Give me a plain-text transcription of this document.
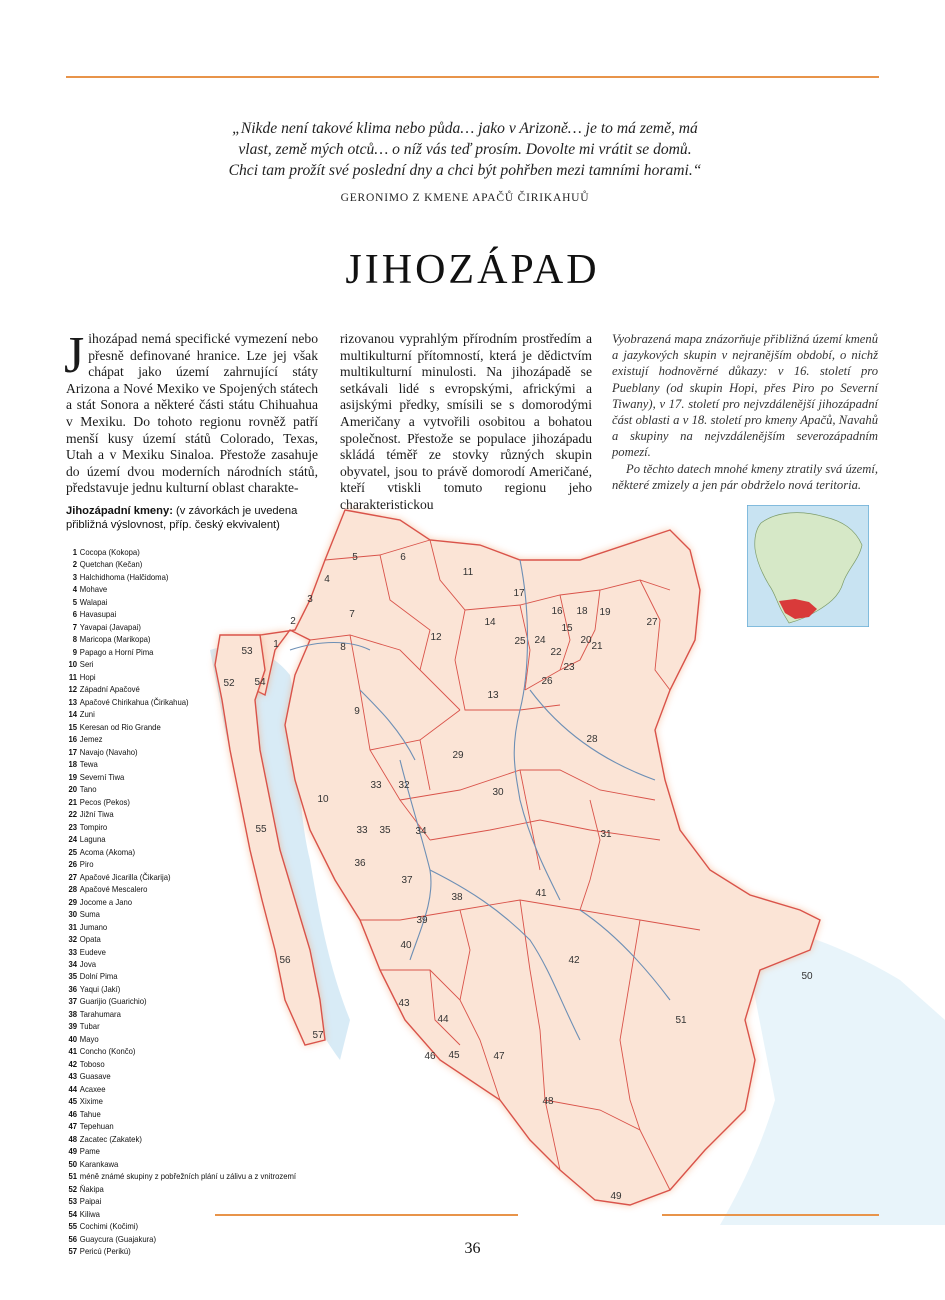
„Nikde není takové klima nebo půda… jako v Arizoně… je to má země, má
vlast, země mých otců… o níž vás teď prosím. Dovolte mi vrátit se domů.
Chci tam prožít své poslední dny a chci být pohřben mezi tamními horami.“
GERONIMO Z KMENE APAČŮ ČIRIKAHUŮ
JIHOZÁPAD

Jihozápad nemá specifické vymezení nebo přesně definované hranice. Lze jej však chápat jako území zahrnující státy Arizona a Nové Mexiko ve Spojených státech a stát Sonora a některé části státu Chihuahua v Mexiku. Do tohoto regionu rovněž patří menší kusy území států Colorado, Texas, Utah a v Mexiku Sinaloa. Přestože zasahuje do území dvou moderních národních států, představuje jednu kulturní oblast charakte-

rizovanou vyprahlým přírodním prostředím a multikulturní přítomností, která je dědictvím multikulturní minulosti. Na jihozápadě se setkávali lidé s evropskými, africkými a asijskými předky, smísili se s domorodými Američany a vytvořili osobitou a bohatou společnost. Přestože se populace jihozápadu skládá téměř ze stovky různých skupin obyvatel, jsou to právě domorodí Američané, kteří vtiskli tomuto regionu jeho charakteristickou

Vyobrazená mapa znázorňuje přibližná území kmenů a jazykových skupin v nejranějším období, o nichž existují hodnověrné důkazy: v 16. století pro Pueblany (od skupin Hopi, přes Piro po Severní Tiwany), v 17. století pro nejvzdálenější jihozápadní část oblasti a v 18. století pro kmeny Apačů, Navahů a skupiny na nejvzdálenějším severozápadním pomezí.

Po těchto datech mnohé kmeny ztratily svá území, některé zmizely a jen pár obdrželo nová teritoria.

1
2
3
4
5	6
7
8
9
10
11
12
13
14
15
16
17
18 19
20
21
22
23
24
25
26
27
28
29
30
31
32
33
33	34
35
36
37
38
39
40
41
42
43
44
45
46	47
48
49
50
51
52
53
54
55
56
57
Jihozápadní kmeny: (v závorkách je uvedena přibližná výslovnost, příp. český ekvivalent)
1 Cocopa (Kokopa)
2 Quetchan (Kečan)
3 Halchidhoma (Halčidoma)
4 Mohave
5 Walapai
6 Havasupai
7 Yavapai (Javapai)
8 Maricopa (Marikopa)
9 Papago a Horní Pima
10 Seri
11 Hopi
12 Západní Apačové
13 Apačové Chirikahua (Čirikahua)
14 Zuni
15 Keresan od Rio Grande
16 Jemez
17 Navajo (Navaho)
18 Tewa
19 Severní Tiwa
20 Tano
21 Pecos (Pekos)
22 Jižní Tiwa
23 Tompiro
24 Laguna
25 Acoma (Akoma)
26 Piro
27 Apačové Jicarilla (Čikarija)
28 Apačové Mescalero
29 Jocome a Jano
30 Suma
31 Jumano
32 Opata
33 Eudeve
34 Jova
35 Dolní Pima
36 Yaqui (Jakí)
37 Guarijio (Guarichio)
38 Tarahumara
39 Tubar
40 Mayo
41 Concho (Končo)
42 Toboso
43 Guasave
44 Acaxee
45 Xixime
46 Tahue
47 Tepehuan
48 Zacatec (Zakatek)
49 Pame
50 Karankawa
51 méně známé skupiny z pobřežních plání u zálivu a z vnitrozemí
52 Ňakipa
53 Paipai
54 Kiliwa
55 Cochimi (Kočimi)
56 Guaycura (Guajakura)
57 Pericú (Perikú)	36
